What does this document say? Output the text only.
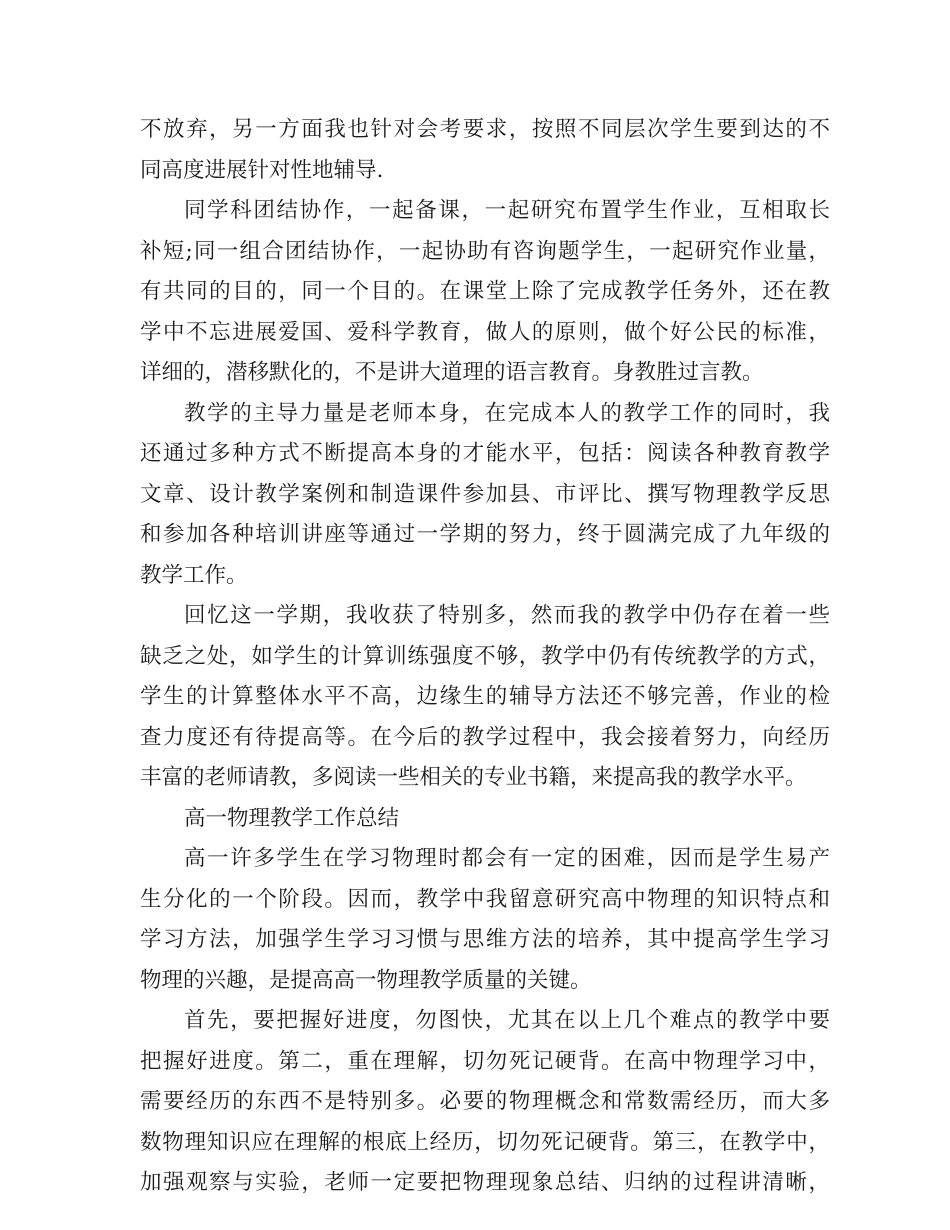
不放弃，另一方面我也针对会考要求，按照不同层次学生要到达的不
同高度进展针对性地辅导.
同学科团结协作，一起备课，一起研究布置学生作业，互相取长
补短;同一组合团结协作，一起协助有咨询题学生，一起研究作业量，
有共同的目的，同一个目的。在课堂上除了完成教学任务外，还在教
学中不忘进展爱国、爱科学教育，做人的原则，做个好公民的标准，
详细的，潜移默化的，不是讲大道理的语言教育。身教胜过言教。
教学的主导力量是老师本身，在完成本人的教学工作的同时，我
还通过多种方式不断提高本身的才能水平，包括：阅读各种教育教学
文章、设计教学案例和制造课件参加县、市评比、撰写物理教学反思
和参加各种培训讲座等通过一学期的努力，终于圆满完成了九年级的
教学工作。
回忆这一学期，我收获了特别多，然而我的教学中仍存在着一些
缺乏之处，如学生的计算训练强度不够，教学中仍有传统教学的方式，
学生的计算整体水平不高，边缘生的辅导方法还不够完善，作业的检
查力度还有待提高等。在今后的教学过程中，我会接着努力，向经历
丰富的老师请教，多阅读一些相关的专业书籍，来提高我的教学水平。
高一物理教学工作总结
高一许多学生在学习物理时都会有一定的困难，因而是学生易产
生分化的一个阶段。因而，教学中我留意研究高中物理的知识特点和
学习方法，加强学生学习习惯与思维方法的培养，其中提高学生学习
物理的兴趣，是提高高一物理教学质量的关键。
首先，要把握好进度，勿图快，尤其在以上几个难点的教学中要
把握好进度。第二，重在理解，切勿死记硬背。在高中物理学习中，
需要经历的东西不是特别多。必要的物理概念和常数需经历，而大多
数物理知识应在理解的根底上经历，切勿死记硬背。第三，在教学中，
加强观察与实验，老师一定要把物理现象总结、归纳的过程讲清晰，
